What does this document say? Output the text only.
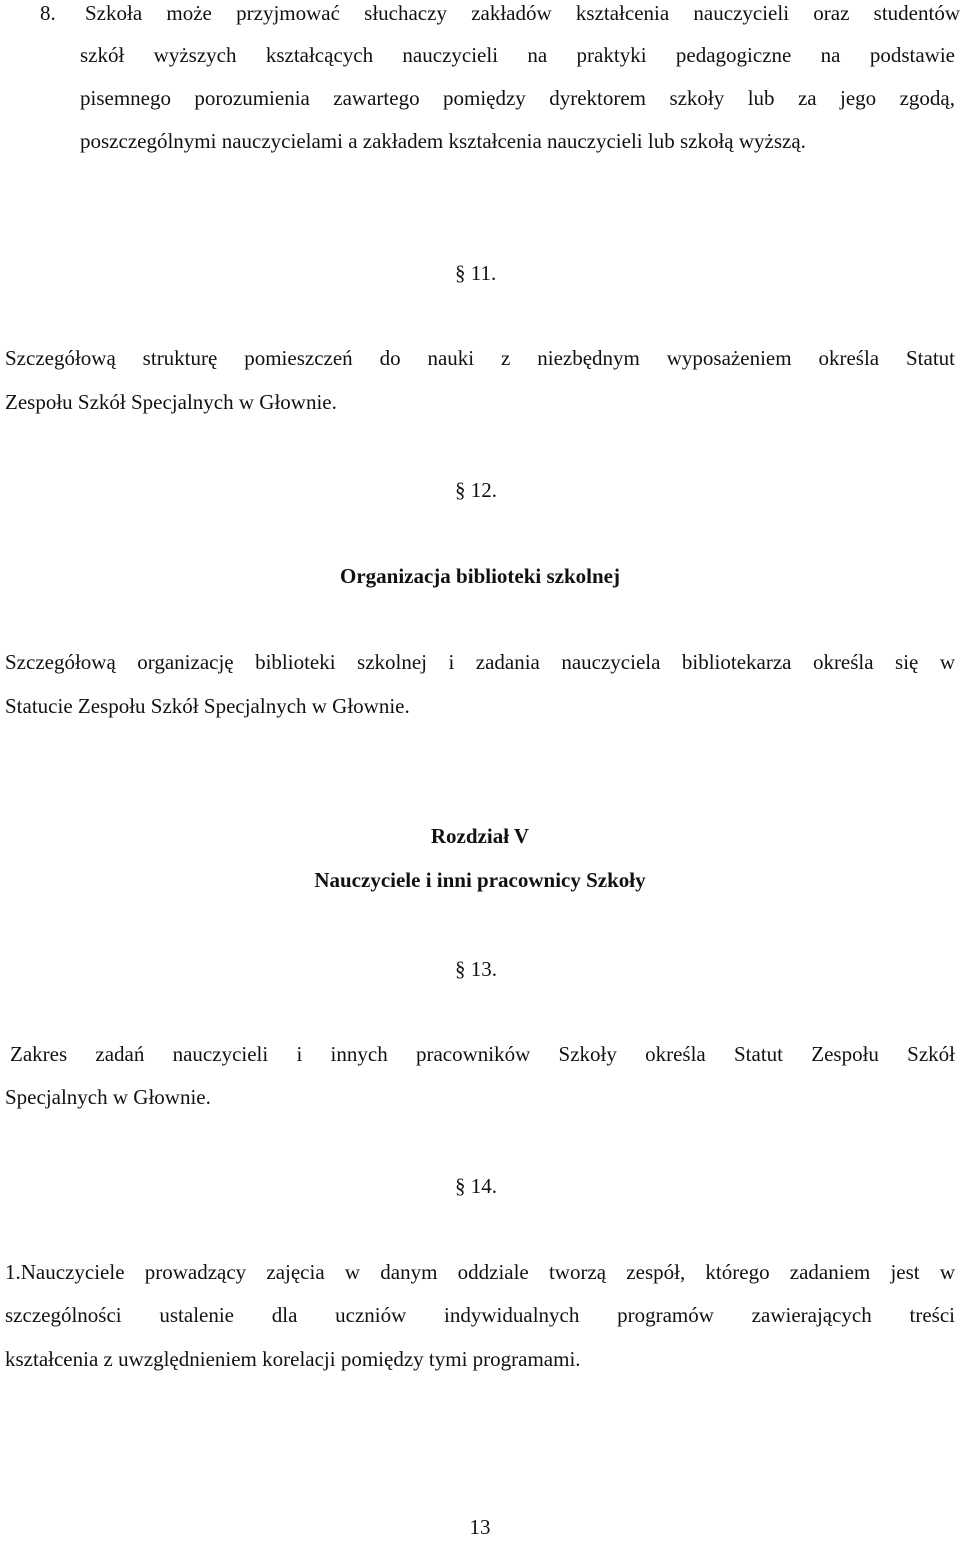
8. Szkoła może przyjmować słuchaczy zakładów kształcenia nauczycieli oraz studentów
szkół wyższych kształcących nauczycieli na praktyki pedagogiczne na podstawie
pisemnego porozumienia zawartego pomiędzy dyrektorem szkoły lub za jego zgodą,
poszczególnymi nauczycielami a zakładem kształcenia nauczycieli lub szkołą wyższą.
§ 11.
Szczegółową strukturę pomieszczeń do nauki z niezbędnym wyposażeniem określa Statut
Zespołu Szkół Specjalnych w Głownie.
§ 12.
Organizacja biblioteki szkolnej
Szczegółową organizację biblioteki szkolnej i zadania nauczyciela bibliotekarza określa się w
Statucie Zespołu Szkół Specjalnych w Głownie.
Rozdział V
Nauczyciele i inni pracownicy Szkoły
§ 13.
Zakres zadań nauczycieli i innych pracowników Szkoły określa Statut Zespołu Szkół
Specjalnych w Głownie.
§ 14.
1.Nauczyciele prowadzący zajęcia w danym oddziale tworzą zespół, którego zadaniem jest w
szczególności ustalenie dla uczniów indywidualnych programów zawierających treści
kształcenia z uwzględnieniem korelacji pomiędzy tymi programami.
13
